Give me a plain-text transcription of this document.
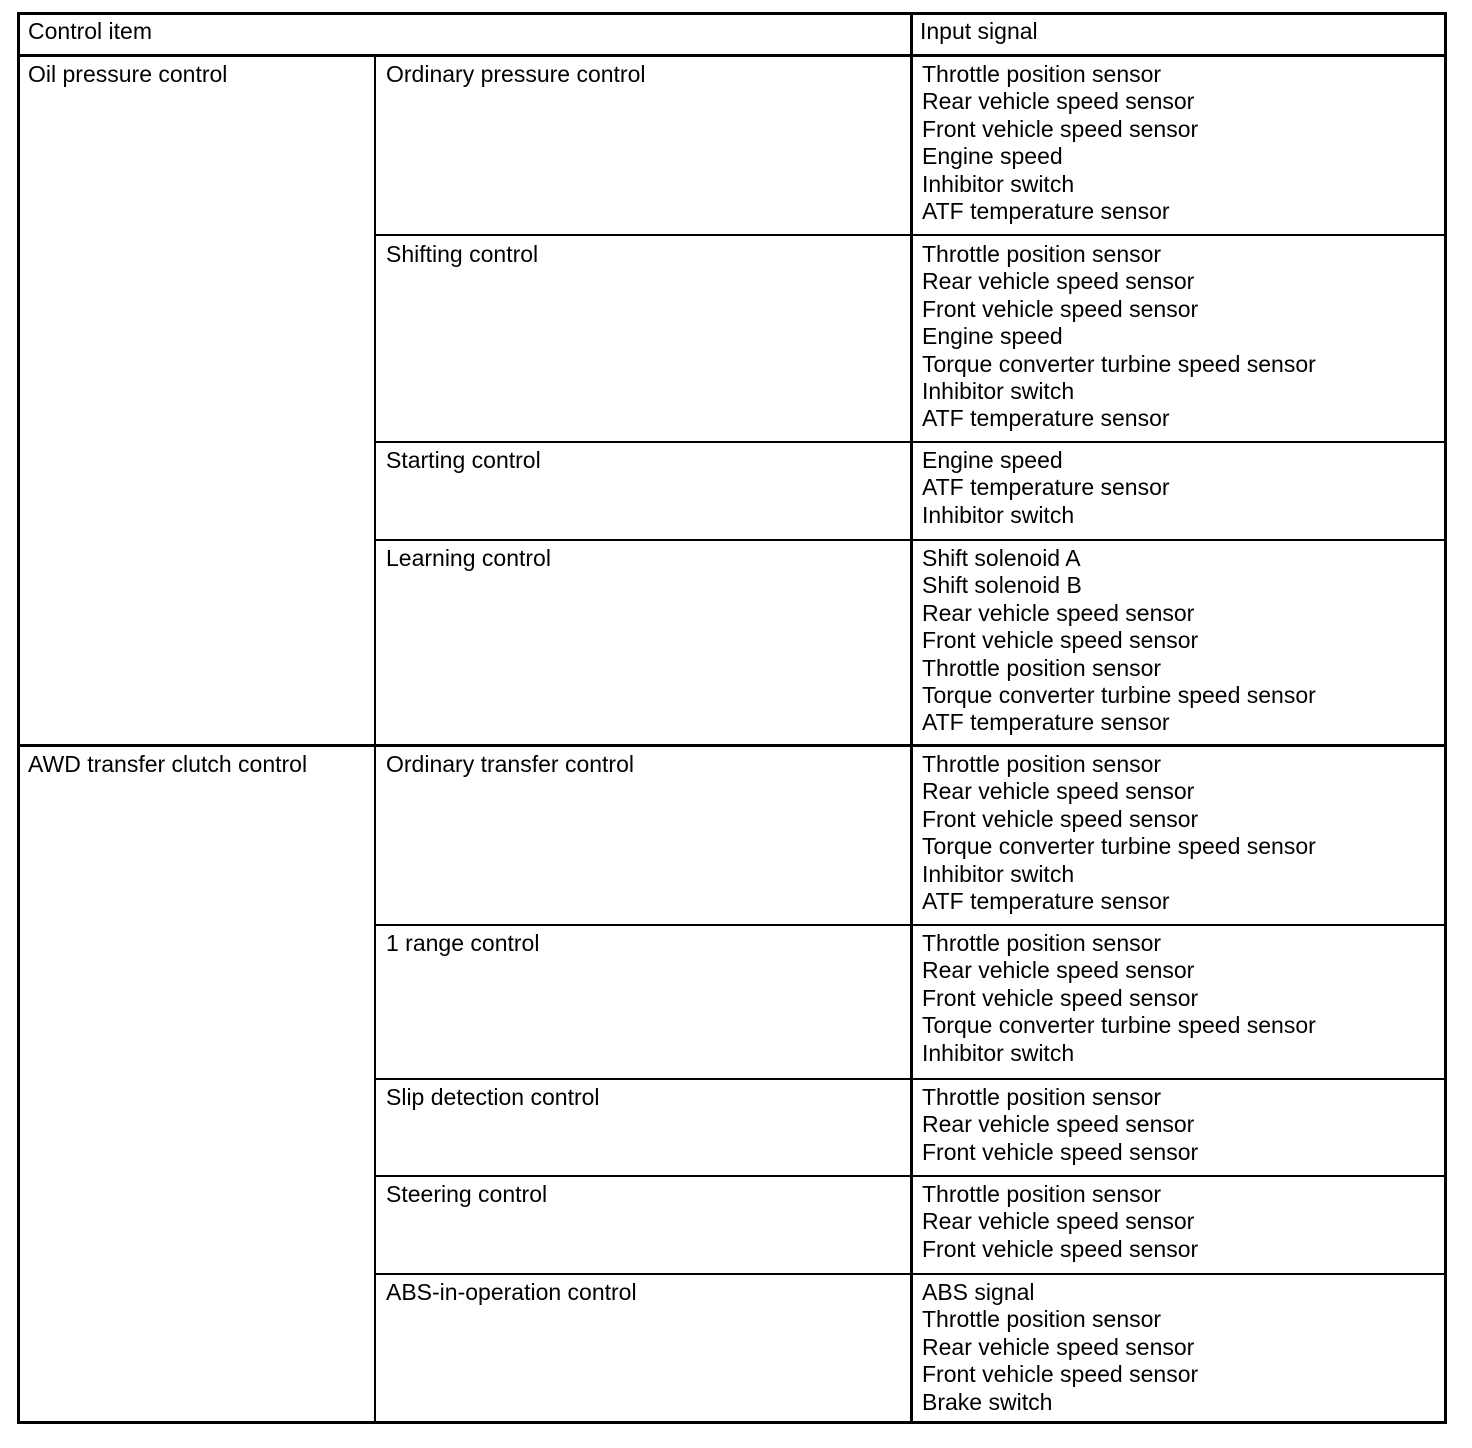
Control item	Input signal
Oil pressure control
AWD transfer clutch control
Ordinary pressure control
Shifting control
Starting control
Learning control
Ordinary transfer control
1 range control
Slip detection control
Steering control
ABS-in-operation control
Throttle position sensor
Rear vehicle speed sensor
Front vehicle speed sensor
Engine speed
Inhibitor switch
ATF temperature sensor
Throttle position sensor
Rear vehicle speed sensor
Front vehicle speed sensor
Engine speed
Torque converter turbine speed sensor
Inhibitor switch
ATF temperature sensor
Engine speed
ATF temperature sensor
Inhibitor switch
Shift solenoid A
Shift solenoid B
Rear vehicle speed sensor
Front vehicle speed sensor
Throttle position sensor
Torque converter turbine speed sensor
ATF temperature sensor
Throttle position sensor
Rear vehicle speed sensor
Front vehicle speed sensor
Torque converter turbine speed sensor
Inhibitor switch
ATF temperature sensor
Throttle position sensor
Rear vehicle speed sensor
Front vehicle speed sensor
Torque converter turbine speed sensor
Inhibitor switch
Throttle position sensor
Rear vehicle speed sensor
Front vehicle speed sensor
Throttle position sensor
Rear vehicle speed sensor
Front vehicle speed sensor
ABS signal
Throttle position sensor
Rear vehicle speed sensor
Front vehicle speed sensor
Brake switch
